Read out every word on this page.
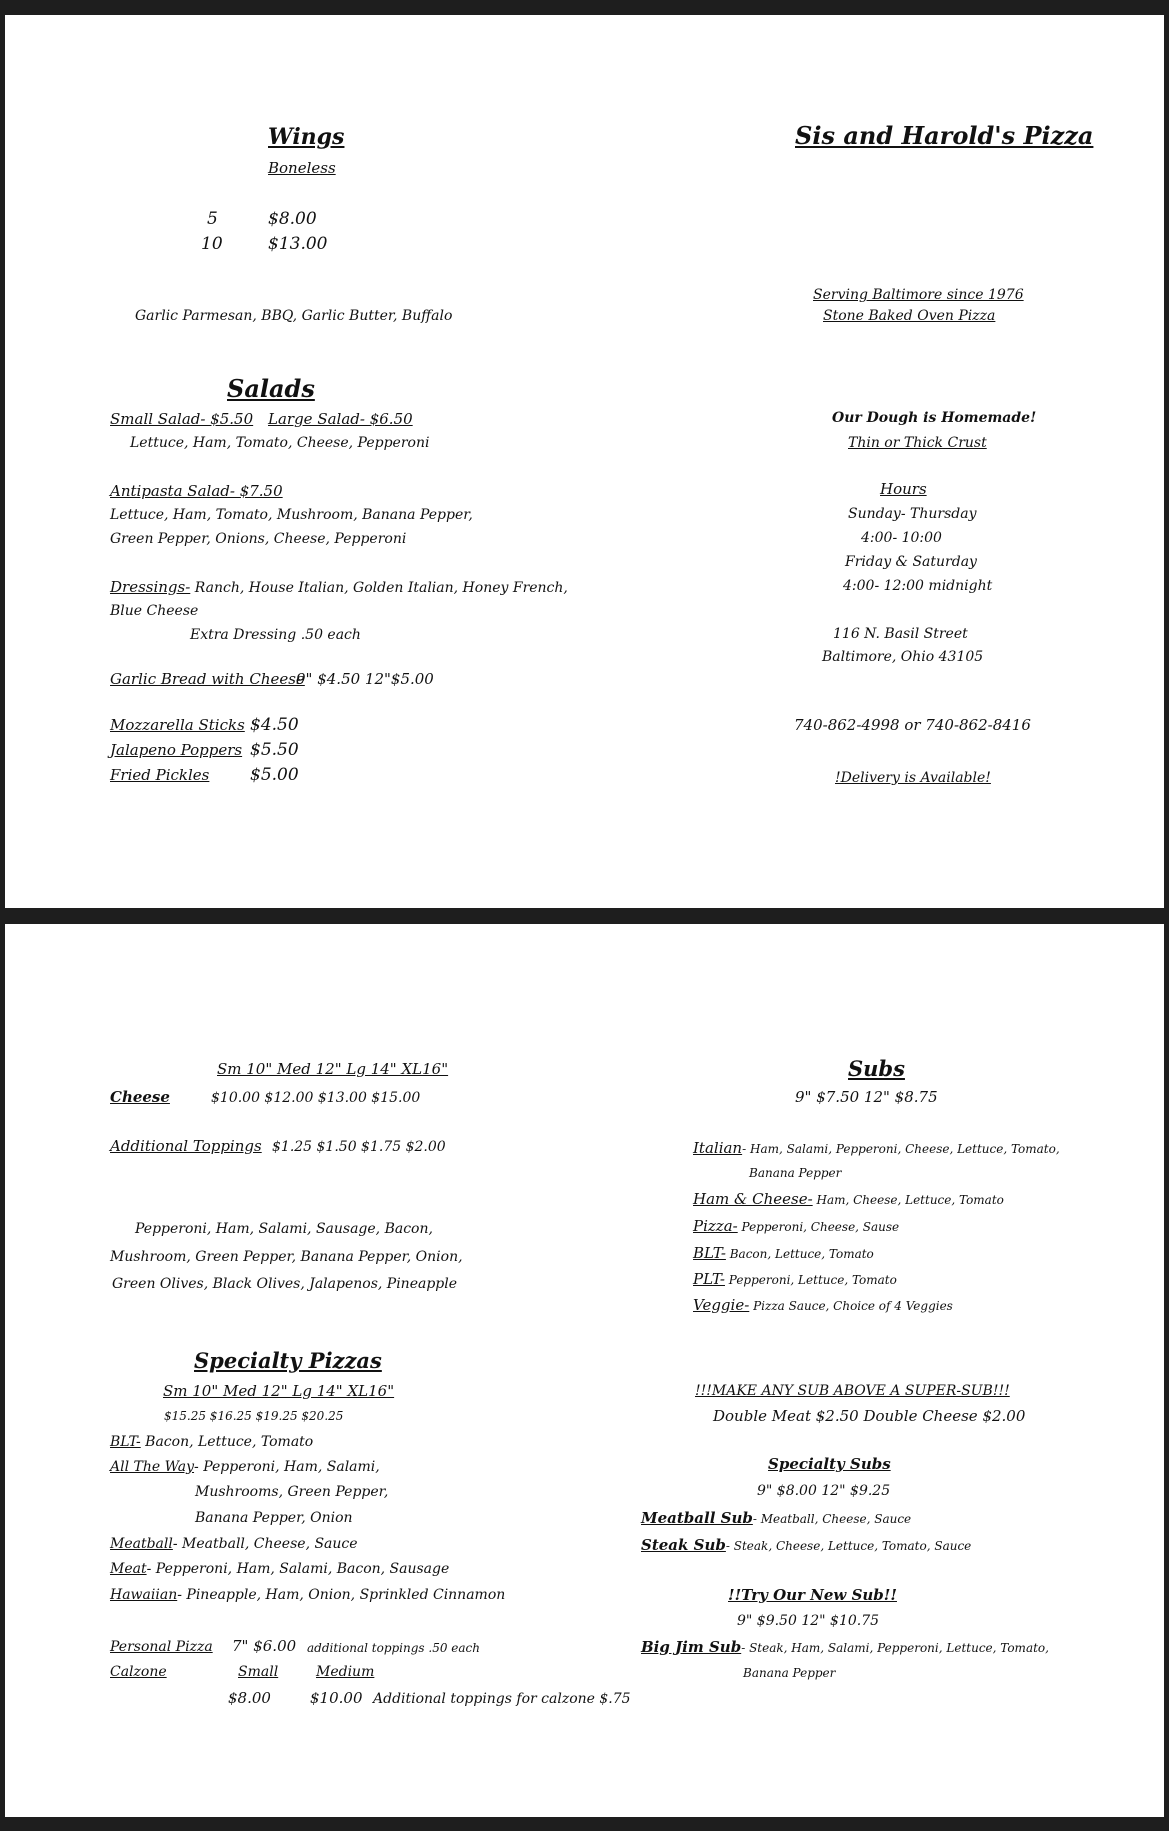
Wings
Boneless
5	$8.00
10	$13.00
Garlic Parmesan, BBQ, Garlic Butter, Buffalo
Salads
Small Salad- $5.50 Large Salad- $6.50
Lettuce, Ham, Tomato, Cheese, Pepperoni
Antipasta Salad- $7.50
Lettuce, Ham, Tomato, Mushroom, Banana Pepper,
Green Pepper, Onions, Cheese, Pepperoni
Dressings- Ranch, House Italian, Golden Italian, Honey French,
Blue Cheese
Extra Dressing .50 each
Garlic Bread with Cheese
9" $4.50 12"$5.00
Mozzarella Sticks $4.50
Jalapeno Poppers $5.50
Fried Pickles $5.00
Sis and Harold's Pizza
Serving Baltimore since 1976
Stone Baked Oven Pizza
Our Dough is Homemade!
Thin or Thick Crust
Hours
Sunday- Thursday
4:00- 10:00
Friday & Saturday
4:00- 12:00 midnight
116 N. Basil Street
Baltimore, Ohio 43105
740-862-4998 or 740-862-8416
!Delivery is Available!
Sm 10" Med 12" Lg 14" XL16"
Cheese	$10.00 $12.00 $13.00 $15.00
Additional Toppings $1.25 $1.50 $1.75 $2.00
Pepperoni, Ham, Salami, Sausage, Bacon,
Mushroom, Green Pepper, Banana Pepper, Onion,
Green Olives, Black Olives, Jalapenos, Pineapple
Specialty Pizzas
Sm 10" Med 12" Lg 14" XL16"
$15.25 $16.25 $19.25 $20.25
BLT- Bacon, Lettuce, Tomato
All The Way- Pepperoni, Ham, Salami,
Mushrooms, Green Pepper,
Banana Pepper, Onion
Meatball- Meatball, Cheese, Sauce
Meat- Pepperoni, Ham, Salami, Bacon, Sausage
Hawaiian- Pineapple, Ham, Onion, Sprinkled Cinnamon
Personal Pizza 7" $6.00 additional toppings .50 each
Calzone	Small	Medium
$8.00	$10.00 Additional toppings for calzone $.75
Subs
9" $7.50 12" $8.75
Italian- Ham, Salami, Pepperoni, Cheese, Lettuce, Tomato,
Banana Pepper
Ham & Cheese- Ham, Cheese, Lettuce, Tomato
Pizza- Pepperoni, Cheese, Sause
BLT- Bacon, Lettuce, Tomato
PLT- Pepperoni, Lettuce, Tomato
Veggie- Pizza Sauce, Choice of 4 Veggies
!!!MAKE ANY SUB ABOVE A SUPER-SUB!!!
Double Meat $2.50 Double Cheese $2.00
Specialty Subs
9" $8.00 12" $9.25
Meatball Sub- Meatball, Cheese, Sauce
Steak Sub- Steak, Cheese, Lettuce, Tomato, Sauce
!!Try Our New Sub!!
9" $9.50 12" $10.75
Big Jim Sub- Steak, Ham, Salami, Pepperoni, Lettuce, Tomato,
Banana Pepper
